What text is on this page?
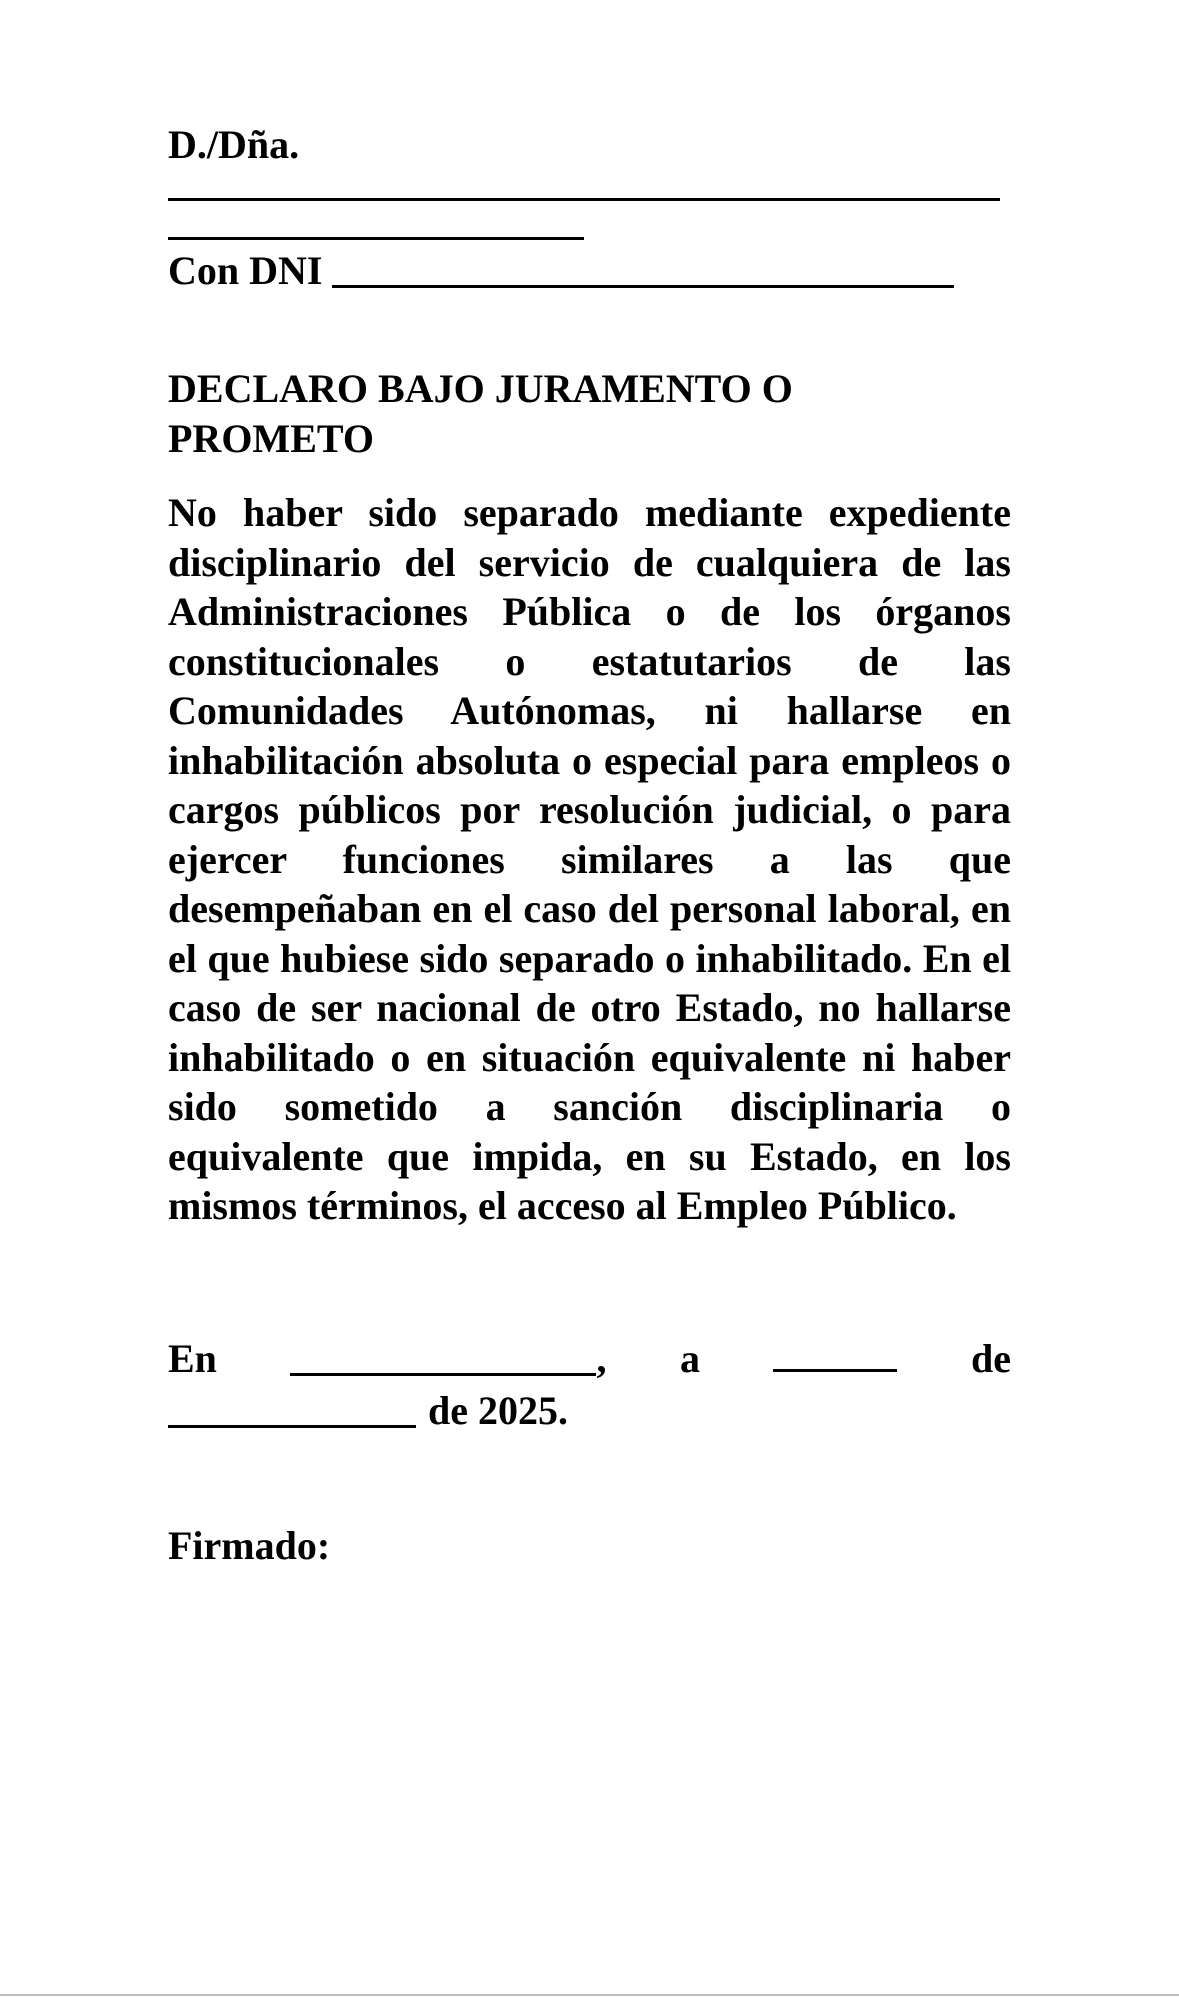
D./Dña.
Con DNI
DECLARO BAJO JURAMENTO O PROMETO
No haber sido separado mediante expediente disciplinario del servicio de cualquiera de las Administraciones Pública o de los órganos constitucionales o estatutarios de las Comunidades Autónomas, ni hallarse en inhabilitación absoluta o especial para empleos o cargos públicos por resolución judicial, o para ejercer funciones similares a las que desempeñaban en el caso del personal laboral, en el que hubiese sido separado o inhabilitado. En el caso de ser nacional de otro Estado, no hallarse inhabilitado o en situación equivalente ni haber sido sometido a sanción disciplinaria o equivalente que impida, en su Estado, en los mismos términos, el acceso al Empleo Público.
En	, a	de
de 2025.
Firmado:
